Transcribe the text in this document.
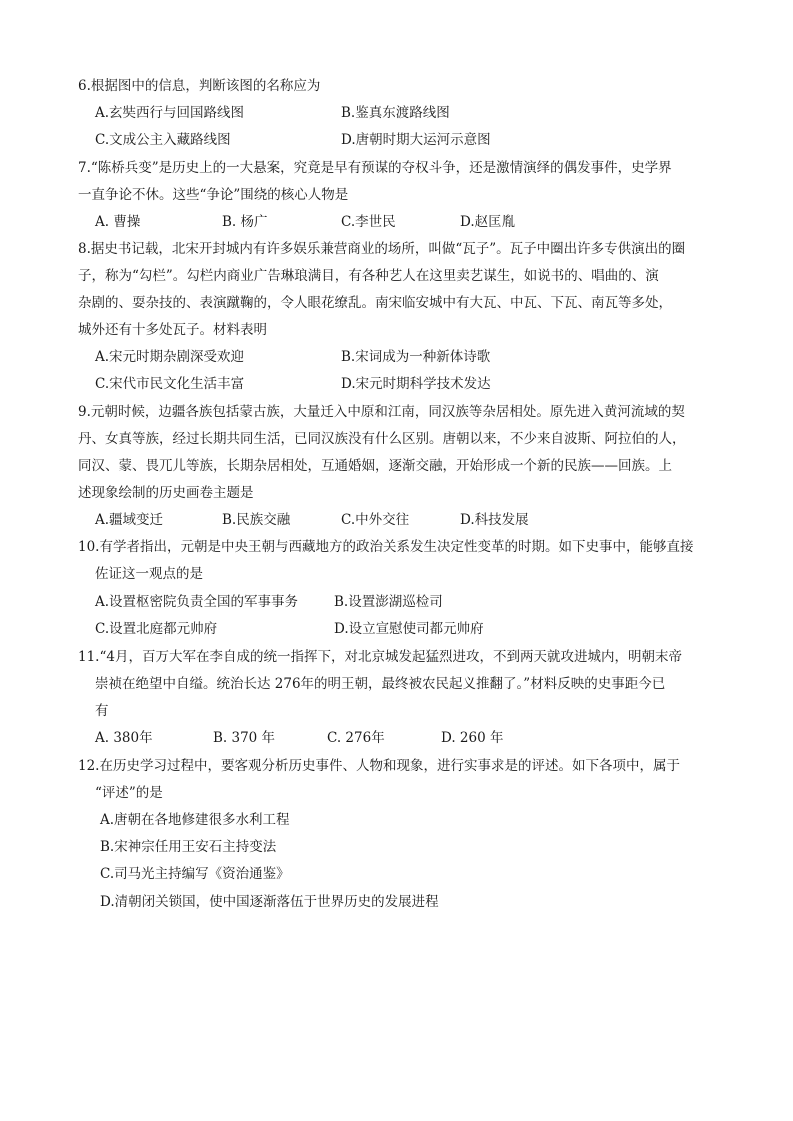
6.根据图中的信息，判断该图的名称应为
A.玄奘西行与回国路线图	B.鉴真东渡路线图
C.文成公主入藏路线图	D.唐朝时期大运河示意图
7.“陈桥兵变”是历史上的一大悬案，究竟是早有预谋的夺权斗争，还是激情演绎的偶发事件，史学界
一直争论不休。这些“争论”围绕的核心人物是
A. 曹操	B. 杨广	C.李世民	D.赵匡胤
8.据史书记载，北宋开封城内有许多娱乐兼营商业的场所，叫做“瓦子”。瓦子中圈出许多专供演出的圈
子，称为“勾栏”。勾栏内商业广告琳琅满目，有各种艺人在这里卖艺谋生，如说书的、唱曲的、演
杂剧的、耍杂技的、表演蹴鞠的，令人眼花缭乱。南宋临安城中有大瓦、中瓦、下瓦、南瓦等多处，
城外还有十多处瓦子。材料表明
A.宋元时期杂剧深受欢迎	B.宋词成为一种新体诗歌
C.宋代市民文化生活丰富	D.宋元时期科学技术发达
9.元朝时候，边疆各族包括蒙古族，大量迁入中原和江南，同汉族等杂居相处。原先进入黄河流域的契
丹、女真等族，经过长期共同生活，已同汉族没有什么区别。唐朝以来，不少来自波斯、阿拉伯的人，
同汉、蒙、畏兀儿等族，长期杂居相处，互通婚姻，逐渐交融，开始形成一个新的民族——回族。上
述现象绘制的历史画卷主题是
A.疆域变迁	B.民族交融	C.中外交往	D.科技发展
10.有学者指出，元朝是中央王朝与西藏地方的政治关系发生决定性变革的时期。如下史事中，能够直接
佐证这一观点的是
A.设置枢密院负责全国的军事事务	B.设置澎湖巡检司
C.设置北庭都元帅府	D.设立宣慰使司都元帅府
11.“4月，百万大军在李自成的统一指挥下，对北京城发起猛烈进攻，不到两天就攻进城内，明朝末帝
崇祯在绝望中自缢。统治长达 276年的明王朝，最终被农民起义推翻了。”材料反映的史事距今已
有
A. 380年	B. 370 年	C. 276年	D. 260 年
12.在历史学习过程中，要客观分析历史事件、人物和现象，进行实事求是的评述。如下各项中，属于
“评述”的是
A.唐朝在各地修建很多水利工程
B.宋神宗任用王安石主持变法
C.司马光主持编写《资治通鉴》
D.清朝闭关锁国，使中国逐渐落伍于世界历史的发展进程
